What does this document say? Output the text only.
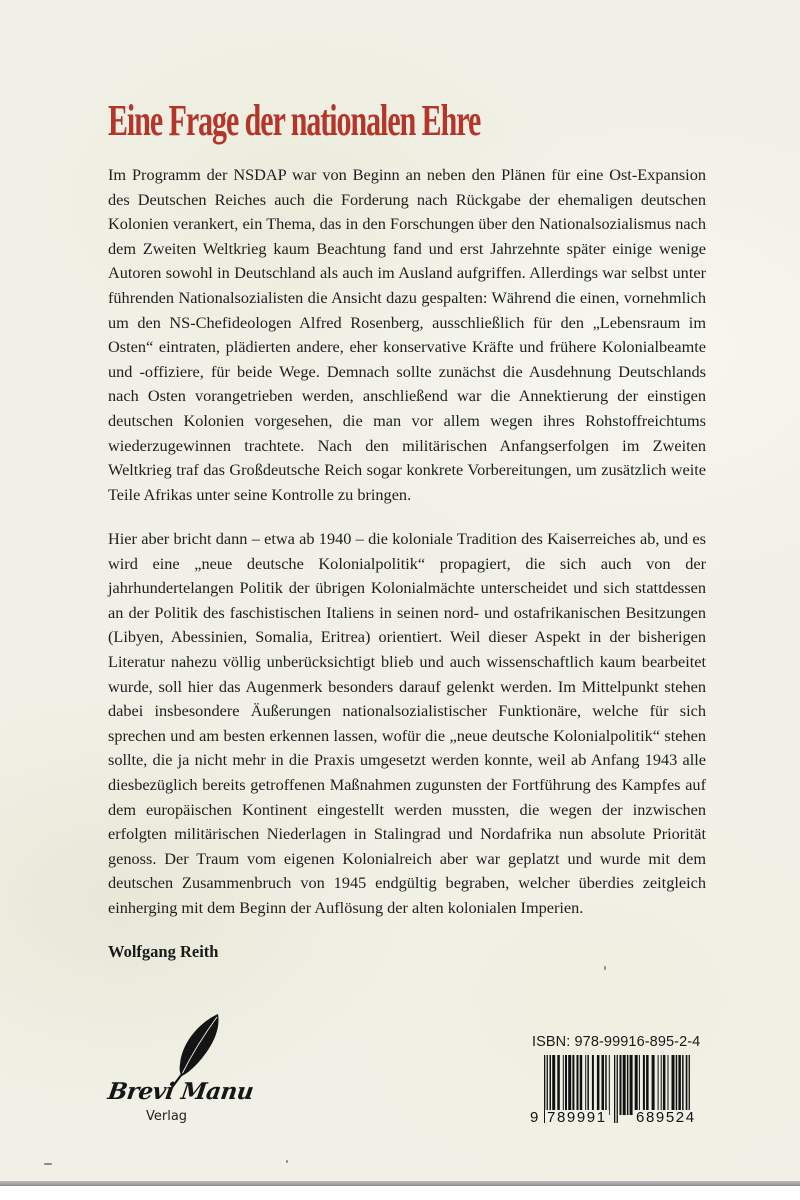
Eine Frage der nationalen Ehre

Im Programm der NSDAP war von Beginn an neben den Plänen für eine Ost-Expansion des Deutschen Reiches auch die Forderung nach Rückgabe der ehemaligen deutschen Kolonien verankert, ein Thema, das in den Forschungen über den Nationalsozialismus nach dem Zweiten Weltkrieg kaum Beachtung fand und erst Jahrzehnte später einige wenige Autoren sowohl in Deutschland als auch im Ausland aufgriffen. Allerdings war selbst unter führenden Nationalsozialisten die Ansicht dazu gespalten: Während die einen, vornehmlich um den NS-Chefideologen Alfred Rosenberg, ausschließlich für den „Lebensraum im Osten“ eintraten, plädierten andere, eher konservative Kräfte und frühere Kolonialbeamte und -offiziere, für beide Wege. Demnach sollte zunächst die Ausdehnung Deutschlands nach Osten vorangetrieben werden, anschließend war die Annektierung der einstigen deutschen Kolonien vorgesehen, die man vor allem wegen ihres Rohstoffreichtums wiederzugewinnen trachtete. Nach den militärischen Anfangserfolgen im Zweiten Weltkrieg traf das Großdeutsche Reich sogar konkrete Vorbereitungen, um zusätzlich weite Teile Afrikas unter seine Kontrolle zu bringen.

Hier aber bricht dann – etwa ab 1940 – die koloniale Tradition des Kaiserreiches ab, und es wird eine „neue deutsche Kolonialpolitik“ propagiert, die sich auch von der jahrhundertelangen Politik der übrigen Kolonialmächte unterscheidet und sich stattdessen an der Politik des faschistischen Italiens in seinen nord- und ostafrikanischen Besitzungen (Libyen, Abessinien, Somalia, Eritrea) orientiert. Weil dieser Aspekt in der bisherigen Literatur nahezu völlig unberücksichtigt blieb und auch wissenschaftlich kaum bearbeitet wurde, soll hier das Augenmerk besonders darauf gelenkt werden. Im Mittelpunkt stehen dabei insbesondere Äußerungen nationalsozialistischer Funktionäre, welche für sich sprechen und am besten erkennen lassen, wofür die „neue deutsche Kolonialpolitik“ stehen sollte, die ja nicht mehr in die Praxis umgesetzt werden konnte, weil ab Anfang 1943 alle diesbezüglich bereits getroffenen Maßnahmen zugunsten der Fortführung des Kampfes auf dem europäischen Kontinent eingestellt werden mussten, die wegen der inzwischen erfolgten militärischen Niederlagen in Stalingrad und Nordafrika nun absolute Priorität genoss. Der Traum vom eigenen Kolonialreich aber war geplatzt und wurde mit dem deutschen Zusammenbruch von 1945 endgültig begraben, welcher überdies zeitgleich einherging mit dem Beginn der Auflösung der alten kolonialen Imperien.

Wolfgang Reith
Brevi Manu
Verlag
ISBN: 978-99916-895-2-4
9 789991 689524
